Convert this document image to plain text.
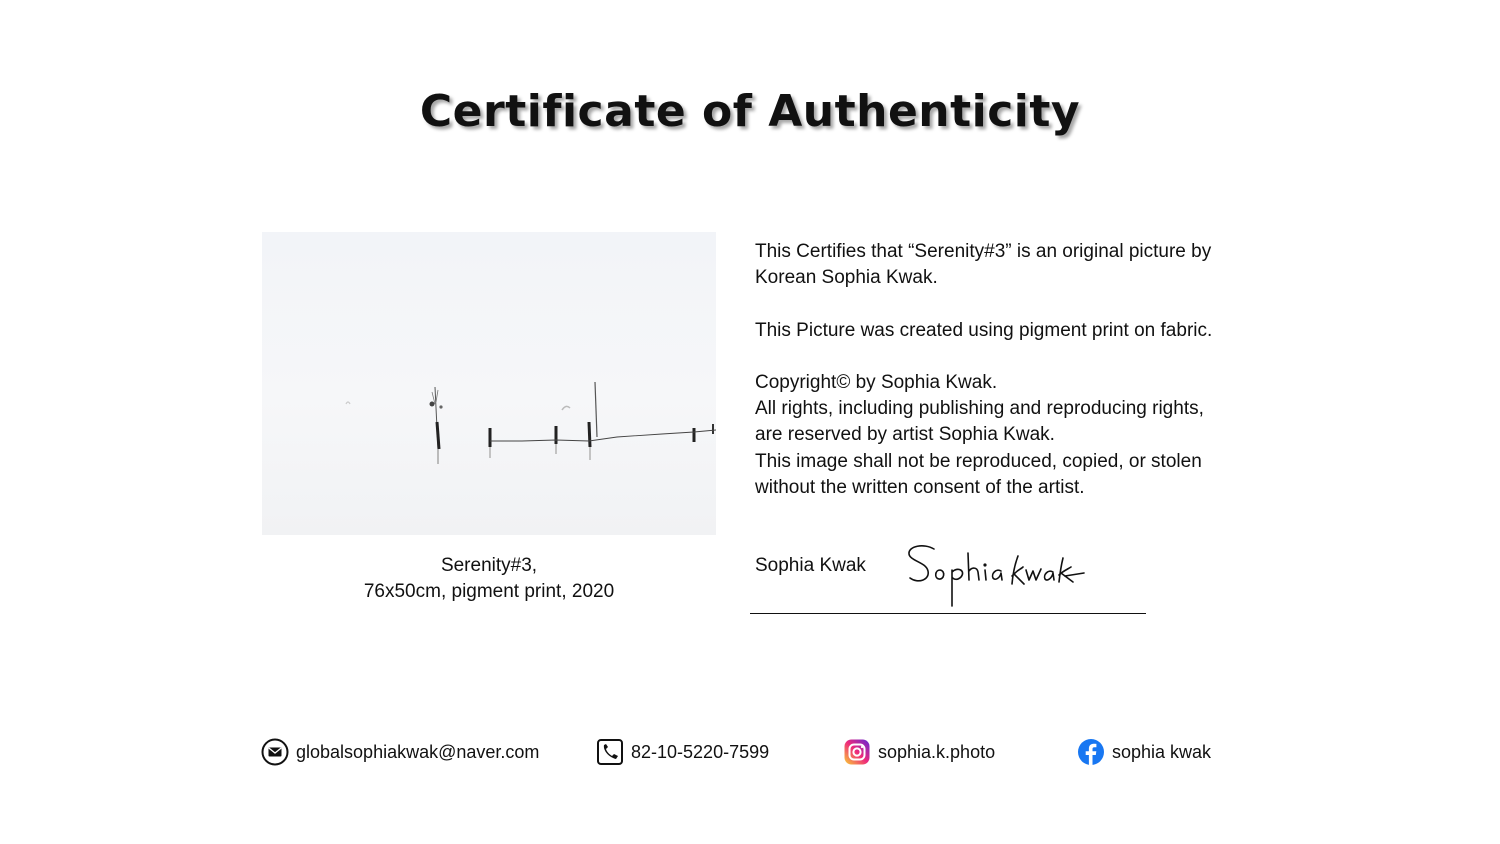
Certificate of Authenticity
Serenity#3,
76x50cm, pigment print, 2020

This Certifies that “Serenity#3” is an original picture by
Korean Sophia Kwak.

This Picture was created using pigment print on fabric.

Copyright© by Sophia Kwak.
All rights, including publishing and reproducing rights,
are reserved by artist Sophia Kwak.
This image shall not be reproduced, copied, or stolen
without the written consent of the artist.

Sophia Kwak
globalsophiakwak@naver.com	82-10-5220-7599	sophia.k.photo	sophia kwak
